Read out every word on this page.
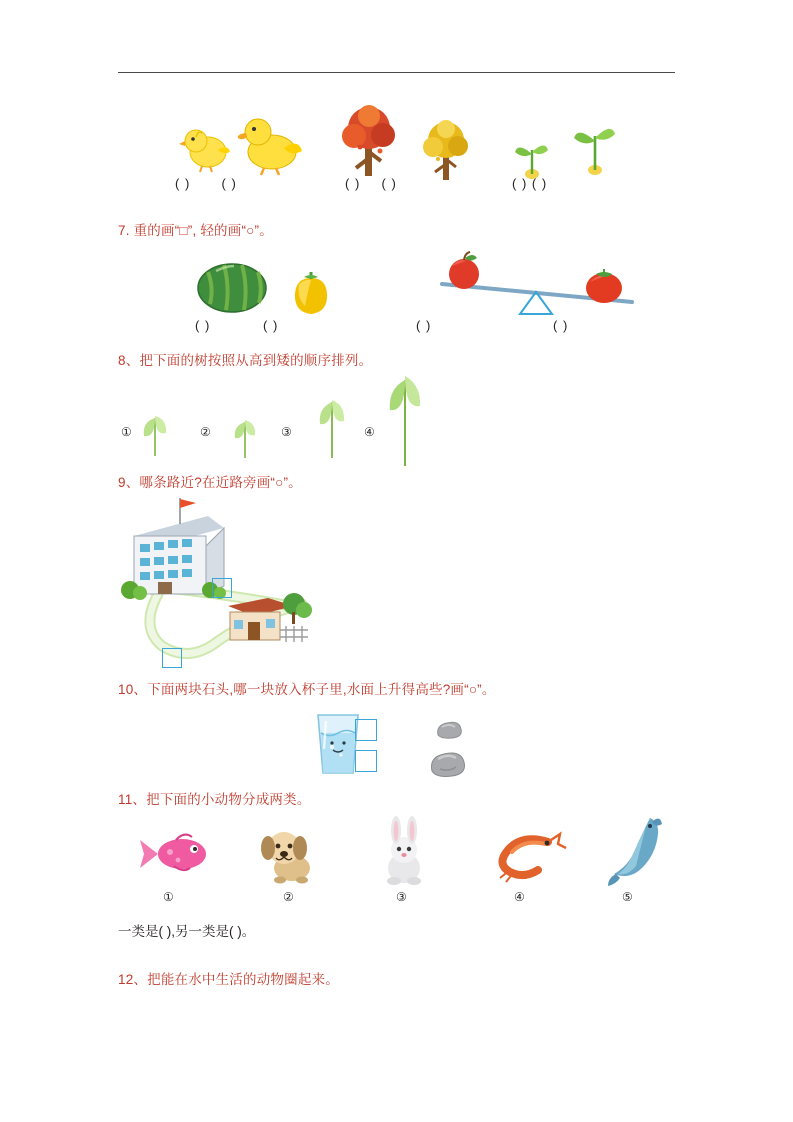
( ) ( )	( ) ( )	( ) ( )
7. 重的画“□”, 轻的画“○”。
( )	( )	( )	( )
8、把下面的树按照从高到矮的顺序排列。
①	②	③	④
9、哪条路近?在近路旁画“○”。
10、下面两块石头,哪一块放入杯子里,水面上升得高些?画“○”。
11、把下面的小动物分成两类。
①	②	③	④	⑤
一类是( ),另一类是( )。
12、把能在水中生活的动物圈起来。
